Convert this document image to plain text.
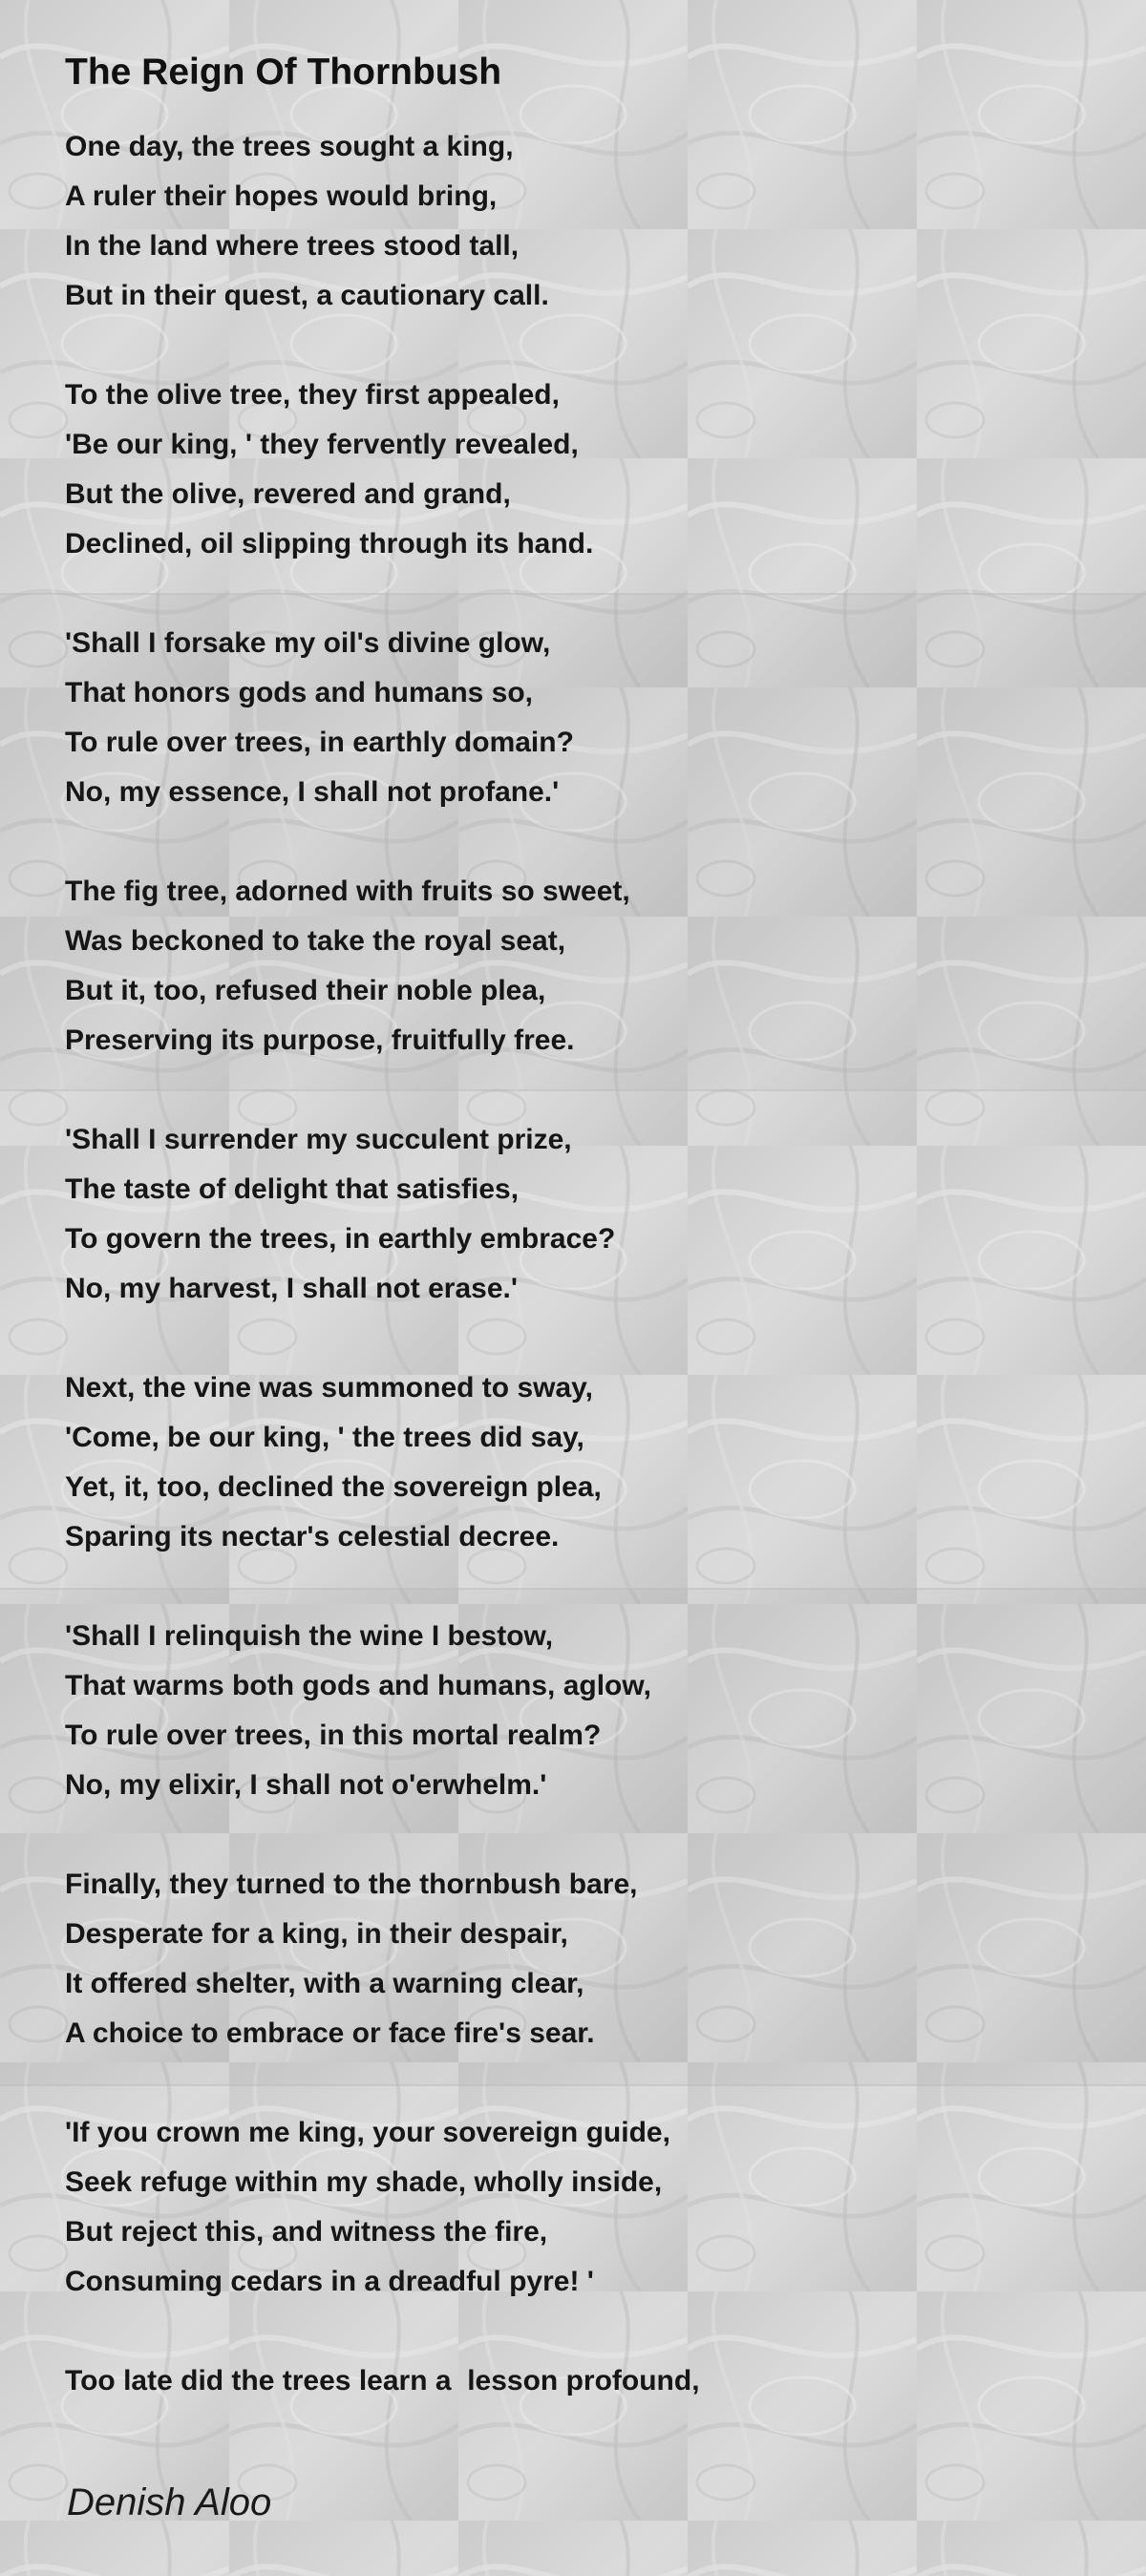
The Reign Of Thornbush
One day, the trees sought a king,
A ruler their hopes would bring,
In the land where trees stood tall,
But in their quest, a cautionary call.
To the olive tree, they first appealed,
'Be our king, ' they fervently revealed,
But the olive, revered and grand,
Declined, oil slipping through its hand.
'Shall I forsake my oil's divine glow,
That honors gods and humans so,
To rule over trees, in earthly domain?
No, my essence, I shall not profane.'
The fig tree, adorned with fruits so sweet,
Was beckoned to take the royal seat,
But it, too, refused their noble plea,
Preserving its purpose, fruitfully free.
'Shall I surrender my succulent prize,
The taste of delight that satisfies,
To govern the trees, in earthly embrace?
No, my harvest, I shall not erase.'
Next, the vine was summoned to sway,
'Come, be our king, ' the trees did say,
Yet, it, too, declined the sovereign plea,
Sparing its nectar's celestial decree.
'Shall I relinquish the wine I bestow,
That warms both gods and humans, aglow,
To rule over trees, in this mortal realm?
No, my elixir, I shall not o'erwhelm.'
Finally, they turned to the thornbush bare,
Desperate for a king, in their despair,
It offered shelter, with a warning clear,
A choice to embrace or face fire's sear.
'If you crown me king, your sovereign guide,
Seek refuge within my shade, wholly inside,
But reject this, and witness the fire,
Consuming cedars in a dreadful pyre! '
Too late did the trees learn a  lesson profound,
Denish Aloo
